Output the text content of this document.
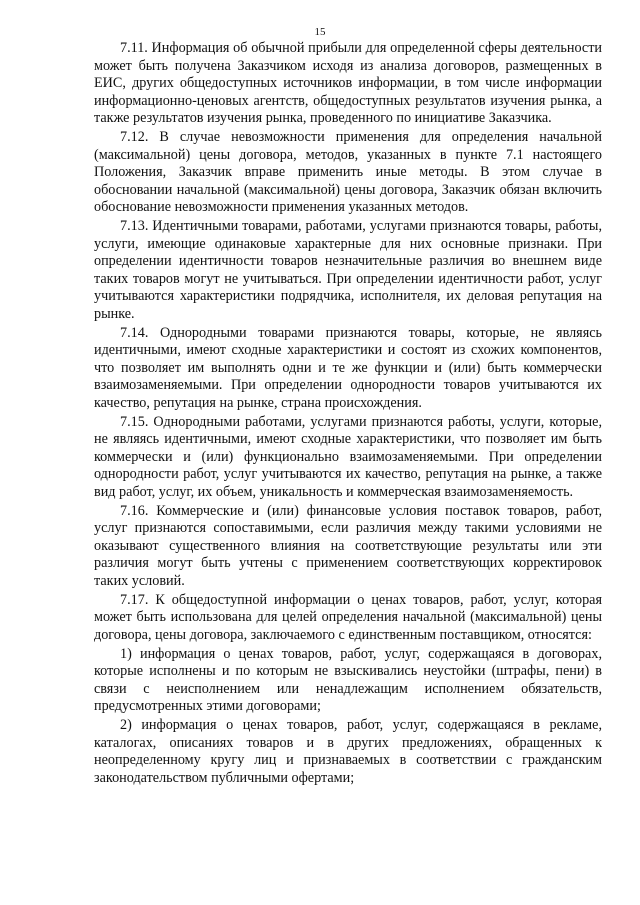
15

7.11. Информация об обычной прибыли для определенной сферы деятельности может быть получена Заказчиком исходя из анализа договоров, размещенных в ЕИС, других общедоступных источников информации, в том числе информации информационно-ценовых агентств, общедоступных результатов изучения рынка, а также результатов изучения рынка, проведенного по инициативе Заказчика.

7.12. В случае невозможности применения для определения начальной (максимальной) цены договора, методов, указанных в пункте 7.1 настоящего Положения, Заказчик вправе применить иные методы. В этом случае в обосновании начальной (максимальной) цены договора, Заказчик обязан включить обоснование невозможности применения указанных методов.

7.13. Идентичными товарами, работами, услугами признаются товары, работы, услуги, имеющие одинаковые характерные для них основные признаки. При определении идентичности товаров незначительные различия во внешнем виде таких товаров могут не учитываться. При определении идентичности работ, услуг учитываются характеристики подрядчика, исполнителя, их деловая репутация на рынке.

7.14. Однородными товарами признаются товары, которые, не являясь идентичными, имеют сходные характеристики и состоят из схожих компонентов, что позволяет им выполнять одни и те же функции и (или) быть коммерчески взаимозаменяемыми. При определении однородности товаров учитываются их качество, репутация на рынке, страна происхождения.

7.15. Однородными работами, услугами признаются работы, услуги, которые, не являясь идентичными, имеют сходные характеристики, что позволяет им быть коммерчески и (или) функционально взаимозаменяемыми. При определении однородности работ, услуг учитываются их качество, репутация на рынке, а также вид работ, услуг, их объем, уникальность и коммерческая взаимозаменяемость.

7.16. Коммерческие и (или) финансовые условия поставок товаров, работ, услуг признаются сопоставимыми, если различия между такими условиями не оказывают существенного влияния на соответствующие результаты или эти различия могут быть учтены с применением соответствующих корректировок таких условий.

7.17. К общедоступной информации о ценах товаров, работ, услуг, которая может быть использована для целей определения начальной (максимальной) цены договора, цены договора, заключаемого с единственным поставщиком, относятся:

1) информация о ценах товаров, работ, услуг, содержащаяся в договорах, которые исполнены и по которым не взыскивались неустойки (штрафы, пени) в связи с неисполнением или ненадлежащим исполнением обязательств, предусмотренных этими договорами;

2) информация о ценах товаров, работ, услуг, содержащаяся в рекламе, каталогах, описаниях товаров и в других предложениях, обращенных к неопределенному кругу лиц и признаваемых в соответствии с гражданским законодательством публичными офертами;
